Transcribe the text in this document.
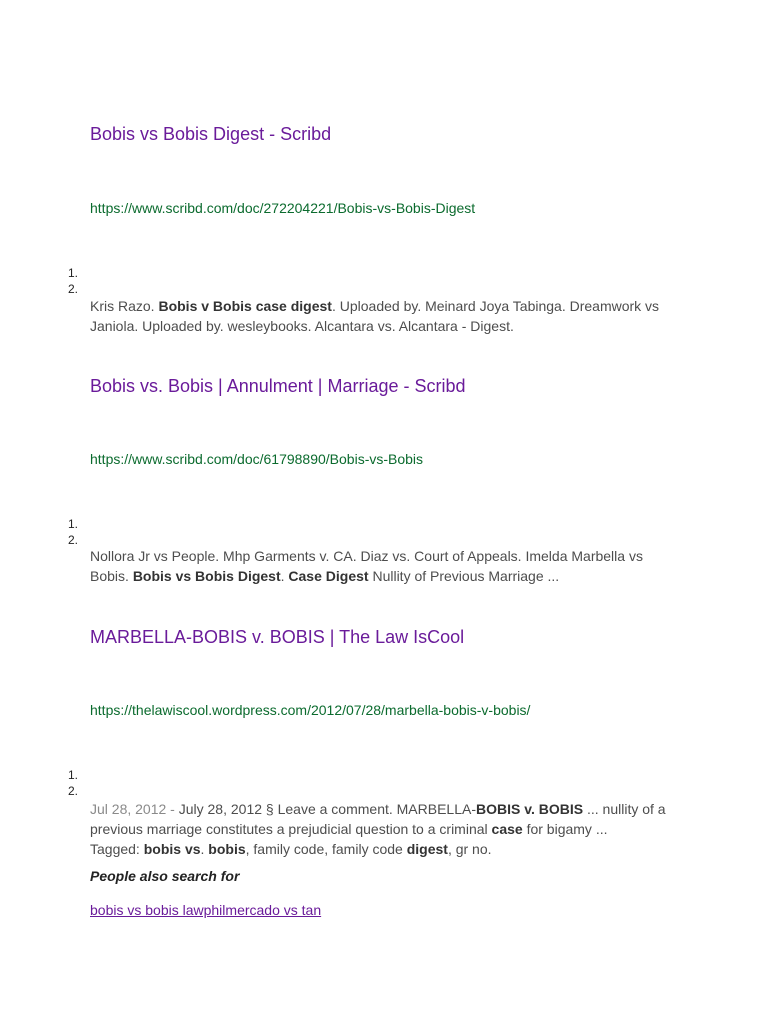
Bobis vs Bobis Digest - Scribd
https://www.scribd.com/doc/272204221/Bobis-vs-Bobis-Digest
1.
2.
Kris Razo. Bobis v Bobis case digest. Uploaded by. Meinard Joya Tabinga. Dreamwork vs Janiola. Uploaded by. wesleybooks. Alcantara vs. Alcantara - Digest.
Bobis vs. Bobis | Annulment | Marriage - Scribd
https://www.scribd.com/doc/61798890/Bobis-vs-Bobis
1.
2.
Nollora Jr vs People. Mhp Garments v. CA. Diaz vs. Court of Appeals. Imelda Marbella vs Bobis. Bobis vs Bobis Digest. Case Digest Nullity of Previous Marriage ...
MARBELLA-BOBIS v. BOBIS | The Law IsCool
https://thelawiscool.wordpress.com/2012/07/28/marbella-bobis-v-bobis/
1.
2.
Jul 28, 2012 - July 28, 2012 § Leave a comment. MARBELLA-BOBIS v. BOBIS ... nullity of a previous marriage constitutes a prejudicial question to a criminal case for bigamy ...
Tagged: bobis vs. bobis, family code, family code digest, gr no.
People also search for
bobis vs bobis lawphilmercado vs tan
